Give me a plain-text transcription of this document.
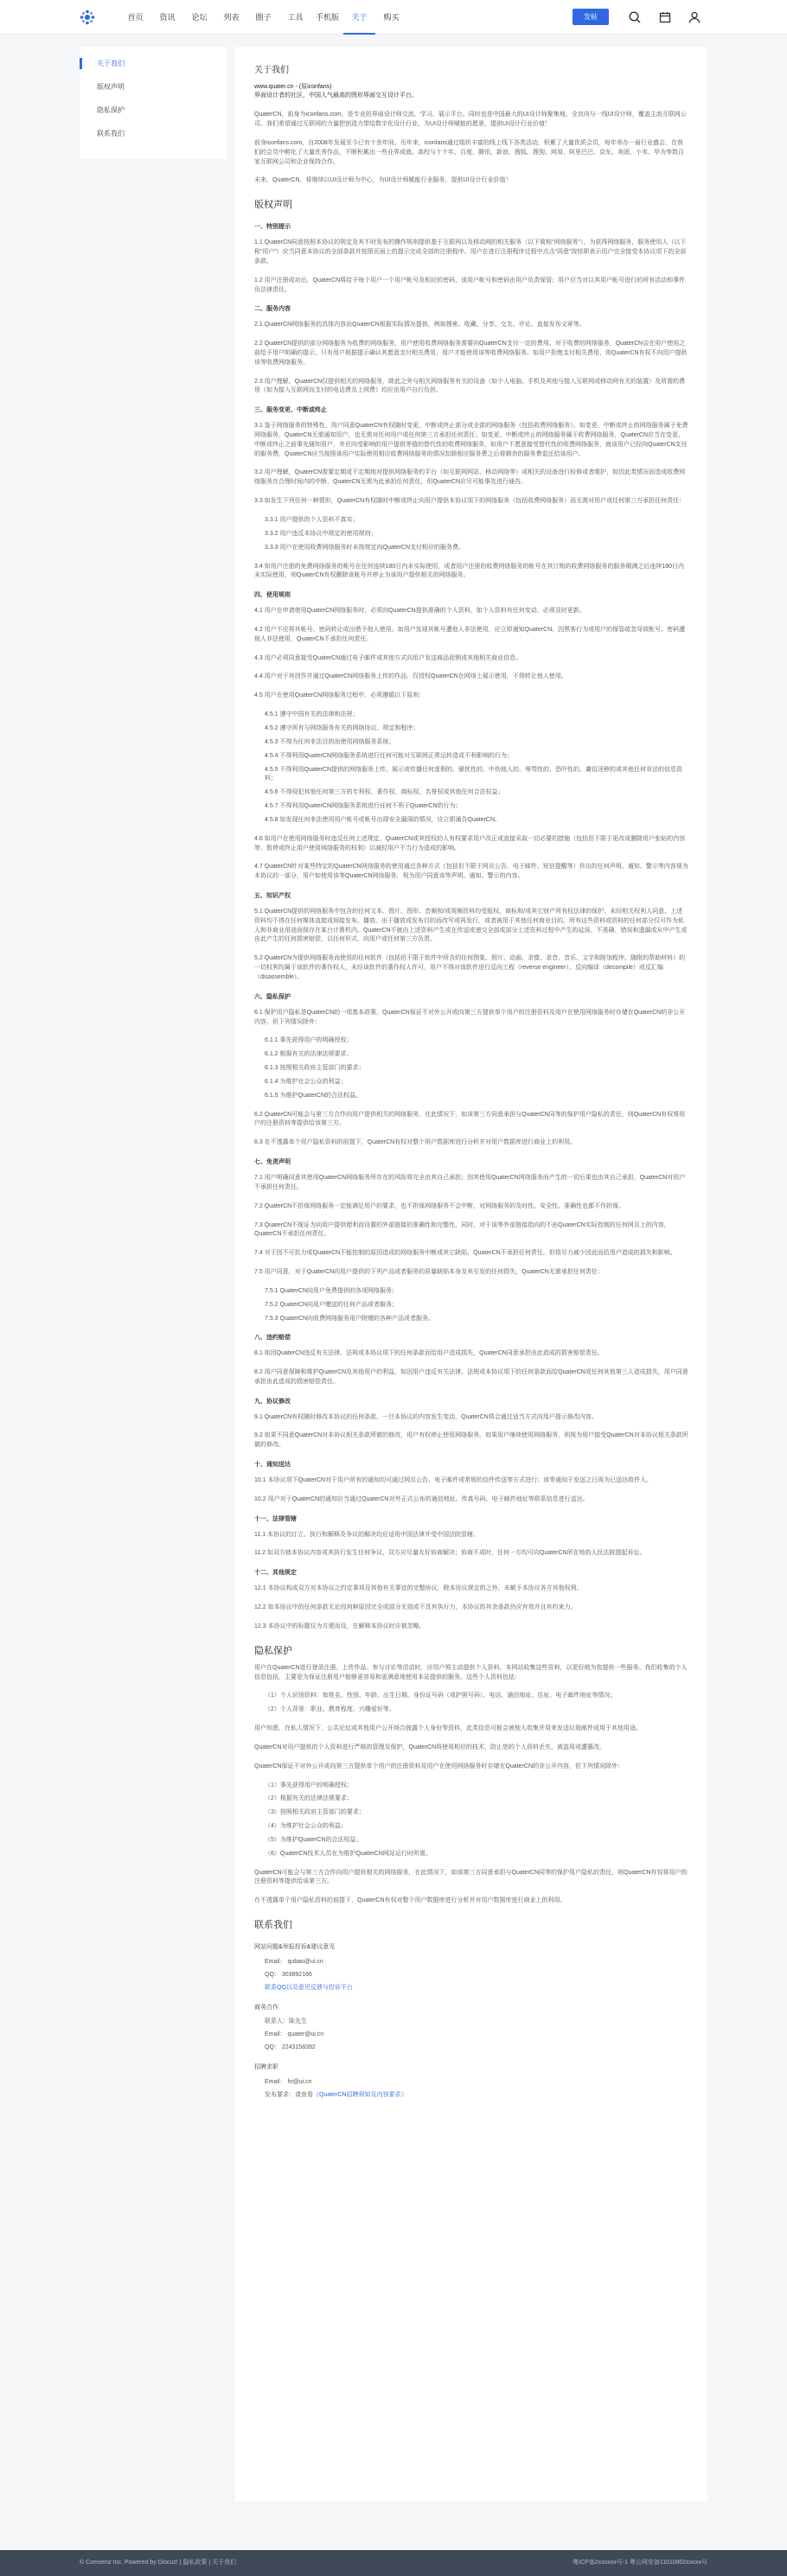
首页	资讯	论坛	列表	圈子	工具	手机版	关于	购买	发帖
关于我们
版权声明
隐私保护
联系我们
关于我们

www.quater.cn - (原iconfans)

界面设计者的社区，中国人气最高的图形界面交互设计平台。

QuaterCN，前身为iconfans.com，是专业的界面设计师交流、学习、展示平台。同时也是中国最大的UI设计师聚集地，全良向与一线UI设计师，覆盖主流互联网公司。我们希望通过互联网的力量把创造力带给数字化设计行业，为UI设计师赋能的愿景，提供UI设计行业价值！

前身iconfans.com，自2008年发展至今已有十余年间。历年来，iconfans通过组织丰富的线上线下各类活动，积累了大量优质会员，每年举办一届行业盛会，在我们的会员中孵化了大量优秀作品，不断积累出一些业界成就。高校与十十年、百度、腾讯、新浪、搜狐、搜狗、网易、阿里巴巴、京东、美团、小米、华为等数百家互联网公司和企业保持合作。

未来，QuaterCN，将继续以UI设计师为中心，为UI设计师赋能行业服务，提供UI设计行业价值！

版权声明
一、特别提示

1.1 QuaterCN同意按照本协议的规定及其不时发布的操作规则提供基于互联网以及移动网的相关服务（以下简称“网络服务”），为获得网络服务，服务使用人（以下称“用户”）应当同意本协议的全部条款并按照页面上的提示完成全部的注册程序。用户在进行注册程序过程中点击“同意”按钮即表示用户完全接受本协议项下的全部条款。

1.2 用户注册成功后，QuaterCN将给予每个用户一个用户帐号及相应的密码，该用户帐号和密码由用户负责保管；用户应当对以其用户帐号进行的所有活动和事件负法律责任。

二、服务内容

2.1 QuaterCN网络服务的具体内容由QuaterCN根据实际情况提供，例如搜索、收藏、分享、交友、评论、直接发布文章等。

2.2 QuaterCN提供的部分网络服务为收费的网络服务，用户使用收费网络服务需要向QuaterCN支付一定的费用。对于收费的网络服务，QuaterCN会在用户使用之前给予用户明确的提示，只有用户根据提示确认其愿意支付相关费用，用户才能使用该等收费网络服务。如用户拒绝支付相关费用，则QuaterCN有权不向用户提供该等收费网络服务。

2.3 用户理解，QuaterCN仅提供相关的网络服务，除此之外与相关网络服务有关的设备（如个人电脑、手机及其他与接入互联网或移动网有关的装置）及所需的费用（如为接入互联网而支付的电话费及上网费）均应由用户自行负担。

三、服务变更、中断或终止

3.1 鉴于网络服务的特殊性，用户同意QuaterCN有权随时变更、中断或终止部分或全部的网络服务（包括收费网络服务）。如变更、中断或终止的网络服务属于免费网络服务，QuaterCN无需通知用户，也无需对任何用户或任何第三方承担任何责任；如变更、中断或终止的网络服务属于收费网络服务，QuaterCN应当在变更、中断或终止之前事先通知用户，并应向受影响的用户提供等值的替代性的收费网络服务，如用户不愿意接受替代性的收费网络服务，就该用户已经向QuaterCN支付的服务费，QuaterCN应当按照该用户实际使用相应收费网络服务的情况扣除相应服务费之后将剩余的服务费退还给该用户。

3.2 用户理解，QuaterCN需要定期或不定期地对提供网络服务的平台（如互联网网站、移动网络等）或相关的设备进行检修或者维护，如因此类情况而造成收费网络服务在合理时间内的中断，QuaterCN无需为此承担任何责任，但QuaterCN应尽可能事先进行通告。

3.3 如发生下列任何一种情形，QuaterCN有权随时中断或终止向用户提供本协议项下的网络服务（包括收费网络服务）而无需对用户或任何第三方承担任何责任：

3.3.1 用户提供的个人资料不真实；
3.3.2 用户违反本协议中规定的使用规则；
3.3.3 用户在使用收费网络服务时未按规定向QuaterCN支付相应的服务费。

3.4 如用户注册的免费网络服务的帐号在任何连续180日内未实际使用，或者用户注册的收费网络服务的帐号在其订购的收费网络服务的服务期满之后连续180日内未实际使用，则QuaterCN有权删除该帐号并停止为该用户提供相关的网络服务。

四、使用规则

4.1 用户在申请使用QuaterCN网络服务时，必须向QuaterCN提供准确的个人资料，如个人资料有任何变动，必须及时更新。

4.2 用户不应将其帐号、密码转让或出借予他人使用。如用户发现其帐号遭他人非法使用，应立即通知QuaterCN。因黑客行为或用户的保管疏忽导致帐号、密码遭他人非法使用，QuaterCN不承担任何责任。

4.3 用户必须同意接受QuaterCN通过电子邮件或其他方式向用户发送商品促销或其他相关商业信息。

4.4 用户对于其创作并通过QuaterCN网络服务上传的作品，仅授权QuaterCN在网络上展示使用，不得转让他人使用。

4.5 用户在使用QuaterCN网络服务过程中，必须遵循以下原则：

4.5.1 遵守中国有关的法律和法规；
4.5.2 遵守所有与网络服务有关的网络协议、规定和程序；
4.5.3 不得为任何非法目的而使用网络服务系统；
4.5.4 不得利用QuaterCN网络服务系统进行任何可能对互联网正常运转造成不利影响的行为；
4.5.5 不得利用QuaterCN提供的网络服务上传、展示或传播任何虚假的、骚扰性的、中伤他人的、辱骂性的、恐吓性的、庸俗淫秽的或其他任何非法的信息资料；
4.5.6 不得侵犯其他任何第三方的专利权、著作权、商标权、名誉权或其他任何合法权益；
4.5.7 不得利用QuaterCN网络服务系统进行任何不利于QuaterCN的行为；
4.5.8 如发现任何非法使用用户帐号或帐号出现安全漏洞的情况，应立即通告QuaterCN。

4.6 如用户在使用网络服务时违反任何上述规定，QuaterCN或其授权的人有权要求用户改正或直接采取一切必要的措施（包括但不限于更改或删除用户张贴的内容等、暂停或终止用户使用网络服务的权利）以减轻用户不当行为造成的影响。

4.7 QuaterCN针对某些特定的QuaterCN网络服务的使用通过各种方式（包括但不限于网页公告、电子邮件、短信提醒等）作出的任何声明、通知、警示等内容视为本协议的一部分，用户如使用该等QuaterCN网络服务，视为用户同意该等声明、通知、警示的内容。

五、知识产权

5.1 QuaterCN提供的网络服务中包含的任何文本、图片、图形、音频和/或视频资料均受版权、商标和/或其它财产所有权法律的保护，未经相关权利人同意，上述资料均不得在任何媒体直接或间接发布、播放、出于播放或发布目的而改写或再发行，或者被用于其他任何商业目的。所有这些资料或资料的任何部分仅可作为私人和非商业用途而保存在某台计算机内。QuaterCN不就由上述资料产生或在传送或递交全部或部分上述资料过程中产生的延误、不准确、错误和遗漏或从中产生或由此产生的任何损害赔偿，以任何形式，向用户或任何第三方负责。

5.2 QuaterCN为提供网络服务而使用的任何软件（包括但不限于软件中所含的任何图象、照片、动画、录像、录音、音乐、文字和附加程序、随附的帮助材料）的一切权利均属于该软件的著作权人，未经该软件的著作权人许可，用户不得对该软件进行反向工程（reverse engineer）、反向编译（decompile）或反汇编（disassemble）。

六、隐私保护

6.1 保护用户隐私是QuaterCN的一项基本政策，QuaterCN保证不对外公开或向第三方提供单个用户的注册资料及用户在使用网络服务时存储在QuaterCN的非公开内容，但下列情况除外：

6.1.1 事先获得用户的明确授权；
6.1.2 根据有关的法律法规要求；
6.1.3 按照相关政府主管部门的要求；
6.1.4 为维护社会公众的利益；
6.1.5 为维护QuaterCN的合法权益。

6.2 QuaterCN可能会与第三方合作向用户提供相关的网络服务，在此情况下，如该第三方同意承担与QuaterCN同等的保护用户隐私的责任，则QuaterCN有权将用户的注册资料等提供给该第三方。

6.3 在不透露单个用户隐私资料的前提下，QuaterCN有权对整个用户数据库进行分析并对用户数据库进行商业上的利用。

七、免责声明

7.1 用户明确同意其使用QuaterCN网络服务所存在的风险将完全由其自己承担；因其使用QuaterCN网络服务而产生的一切后果也由其自己承担，QuaterCN对用户不承担任何责任。

7.2 QuaterCN不担保网络服务一定能满足用户的要求，也不担保网络服务不会中断，对网络服务的及时性、安全性、准确性也都不作担保。

7.3 QuaterCN不保证为向用户提供便利而设置的外部链接的准确性和完整性，同时，对于该等外部链接指向的不由QuaterCN实际控制的任何网页上的内容，QuaterCN不承担任何责任。

7.4 对于因不可抗力或QuaterCN不能控制的原因造成的网络服务中断或其它缺陷，QuaterCN不承担任何责任，但将尽力减少因此而给用户造成的损失和影响。

7.5 用户同意，对于QuaterCN向用户提供的下列产品或者服务的质量缺陷本身及其引发的任何损失，QuaterCN无需承担任何责任：

7.5.1 QuaterCN向用户免费提供的各项网络服务；
7.5.2 QuaterCN向用户赠送的任何产品或者服务；
7.5.3 QuaterCN向收费网络服务用户附赠的各种产品或者服务。
八、违约赔偿

8.1 如因QuaterCN违反有关法律、法规或本协议项下的任何条款而给用户造成损失，QuaterCN同意承担由此造成的损害赔偿责任。

8.2 用户同意保障和维护QuaterCN及其他用户的利益，如因用户违反有关法律、法规或本协议项下的任何条款而给QuaterCN或任何其他第三人造成损失，用户同意承担由此造成的损害赔偿责任。

九、协议修改

9.1 QuaterCN有权随时修改本协议的任何条款，一旦本协议的内容发生变动，QuaterCN将会通过适当方式向用户提示修改内容。

9.2 如果不同意QuaterCN对本协议相关条款所做的修改，用户有权停止使用网络服务。如果用户继续使用网络服务，则视为用户接受QuaterCN对本协议相关条款所做的修改。

十、通知送达

10.1 本协议项下QuaterCN对于用户所有的通知均可通过网页公告、电子邮件或常规的信件传送等方式进行；该等通知于发送之日视为已送达收件人。

10.2 用户对于QuaterCN的通知应当通过QuaterCN对外正式公布的通信地址、传真号码、电子邮件地址等联系信息进行送达。

十一、法律管辖

11.1 本协议的订立、执行和解释及争议的解决均应适用中国法律并受中国法院管辖。

11.2 如双方就本协议内容或其执行发生任何争议，双方应尽量友好协商解决；协商不成时，任何一方均可向QuaterCN所在地的人民法院提起诉讼。

十二、其他规定

12.1 本协议构成双方对本协议之约定事项及其他有关事宜的完整协议，除本协议规定的之外，未赋予本协议各方其他权利。

12.2 如本协议中的任何条款无论因何种原因完全或部分无效或不具有执行力，本协议的其余条款仍应有效并且有约束力。

12.3 本协议中的标题仅为方便而设，在解释本协议时应被忽略。

隐私保护

用户在QuaterCN进行登录注册、上传作品、参与讨论等活动时，应用户须主动提供个人资料，本网站收集这些资料，以更好地为您提供一些服务。我们收集的个人信息包括，主要是为保证注册用户能够更容易和更满意地使用本站提供的服务。这些个人资料包括：

（1）个人识别资料：如姓名、性别、年龄、出生日期、身份证号码（或护照号码）、电话、通信地址、住址、电子邮件地址等情况；
（2）个人背景：职业、教育程度、兴趣爱好等。

用户知悉，在私人情况下，公共论坛或其他用户公开场合披露个人身份等资料，此类信息可能会被他人收集并用来发送垃圾邮件或用于其他用途。

QuaterCN对用户提供的个人资料进行严格的管理及保护，QuaterCN将使用相应的技术，防止您的个人资料丢失、被盗用或遭篡改。

QuaterCN保证不对外公开或向第三方提供单个用户的注册资料及用户在使用网络服务时存储在QuaterCN的非公开内容，但下列情况除外：

（1）事先获得用户的明确授权；
（2）根据有关的法律法规要求；
（3）按照相关政府主管部门的要求；
（4）为维护社会公众的利益；
（5）为维护QuaterCN的合法权益；
（6）QuaterCN技术人员在为维护QuaterCN网站运行时所需。

QuaterCN可能会与第三方合作向用户提供相关的网络服务，在此情况下，如该第三方同意承担与QuaterCN同等的保护用户隐私的责任，则QuaterCN有权将用户的注册资料等提供给该第三方。

在不透露单个用户隐私资料的前提下，QuaterCN有权对整个用户数据库进行分析并对用户数据库进行商业上的利用。

联系我们
网站问题&举报投诉&建议意见
Email： qubao@ui.cn
QQ： 303892166
联系QQ以及意见反馈与投诉平台
商务合作
联系人：陈先生
Email： quater@ui.cn
QQ： 2243158392
招聘求职
Email： hr@ui.cn
发布要求：请查看《QuaterCN招聘须知及内容要求》
© Comsenz Inc. Powered by Discuz! | 隐私政策 | 关于我们	粤ICP备2xxxxxx号-1 粤公网安备11010802xxxxx号
